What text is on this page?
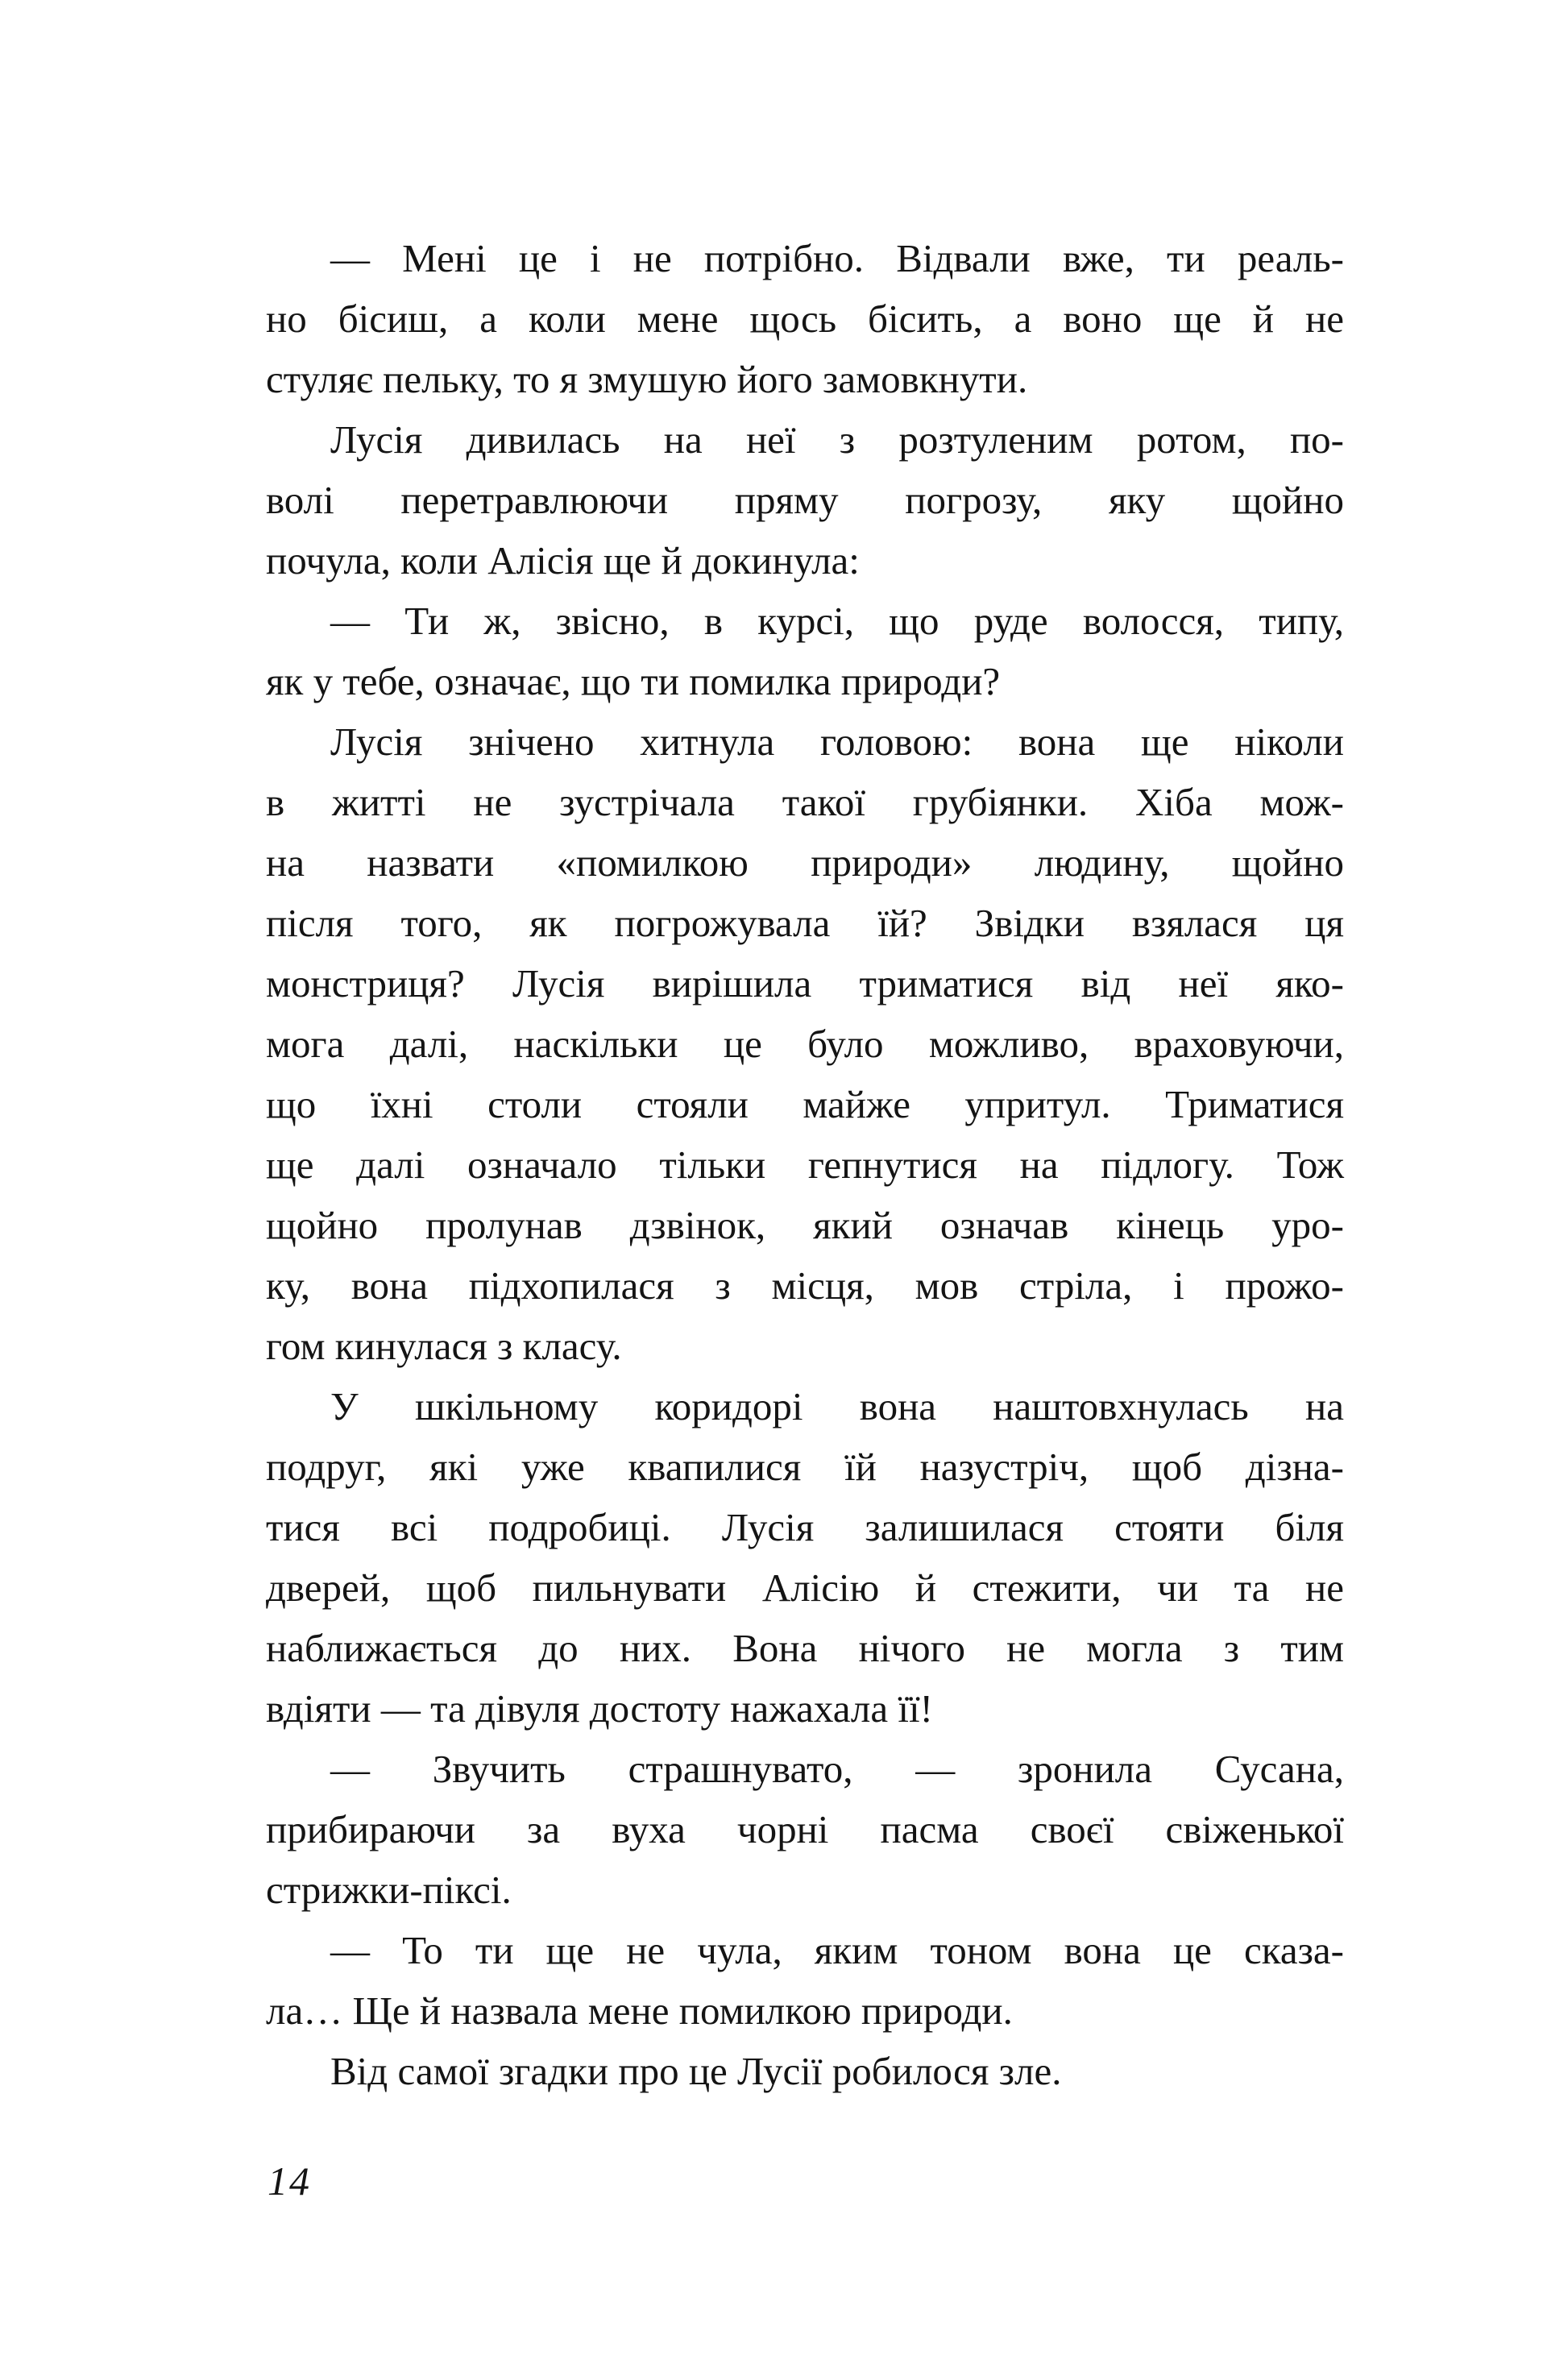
— Мені це і не потрібно. Відвали вже, ти реаль-
но бісиш, а коли мене щось бісить, а воно ще й не
стуляє пельку, то я змушую його замовкнути.
Лусія дивилась на неї з розтуленим ротом, по-
волі перетравлюючи пряму погрозу, яку щойно
почула, коли Алісія ще й докинула:
— Ти ж, звісно, в курсі, що руде волосся, типу,
як у тебе, означає, що ти помилка природи?
Лусія знічено хитнула головою: вона ще ніколи
в житті не зустрічала такої грубіянки. Хіба мож-
на назвати «помилкою природи» людину, щойно
після того, як погрожувала їй? Звідки взялася ця
монстриця? Лусія вирішила триматися від неї яко-
мога далі, наскільки це було можливо, враховуючи,
що їхні столи стояли майже упритул. Триматися
ще далі означало тільки гепнутися на підлогу. Тож
щойно пролунав дзвінок, який означав кінець уро-
ку, вона підхопилася з місця, мов стріла, і прожо-
гом кинулася з класу.
У шкільному коридорі вона наштовхнулась на
подруг, які уже квапилися їй назустріч, щоб дізна-
тися всі подробиці. Лусія залишилася стояти біля
дверей, щоб пильнувати Алісію й стежити, чи та не
наближається до них. Вона нічого не могла з тим
вдіяти — та дівуля достоту нажахала її!
— Звучить страшнувато, — зронила Сусана,
прибираючи за вуха чорні пасма своєї свіженької
стрижки-піксі.
— То ти ще не чула, яким тоном вона це сказа-
ла… Ще й назвала мене помилкою природи.
Від самої згадки про це Лусії робилося зле.
14
